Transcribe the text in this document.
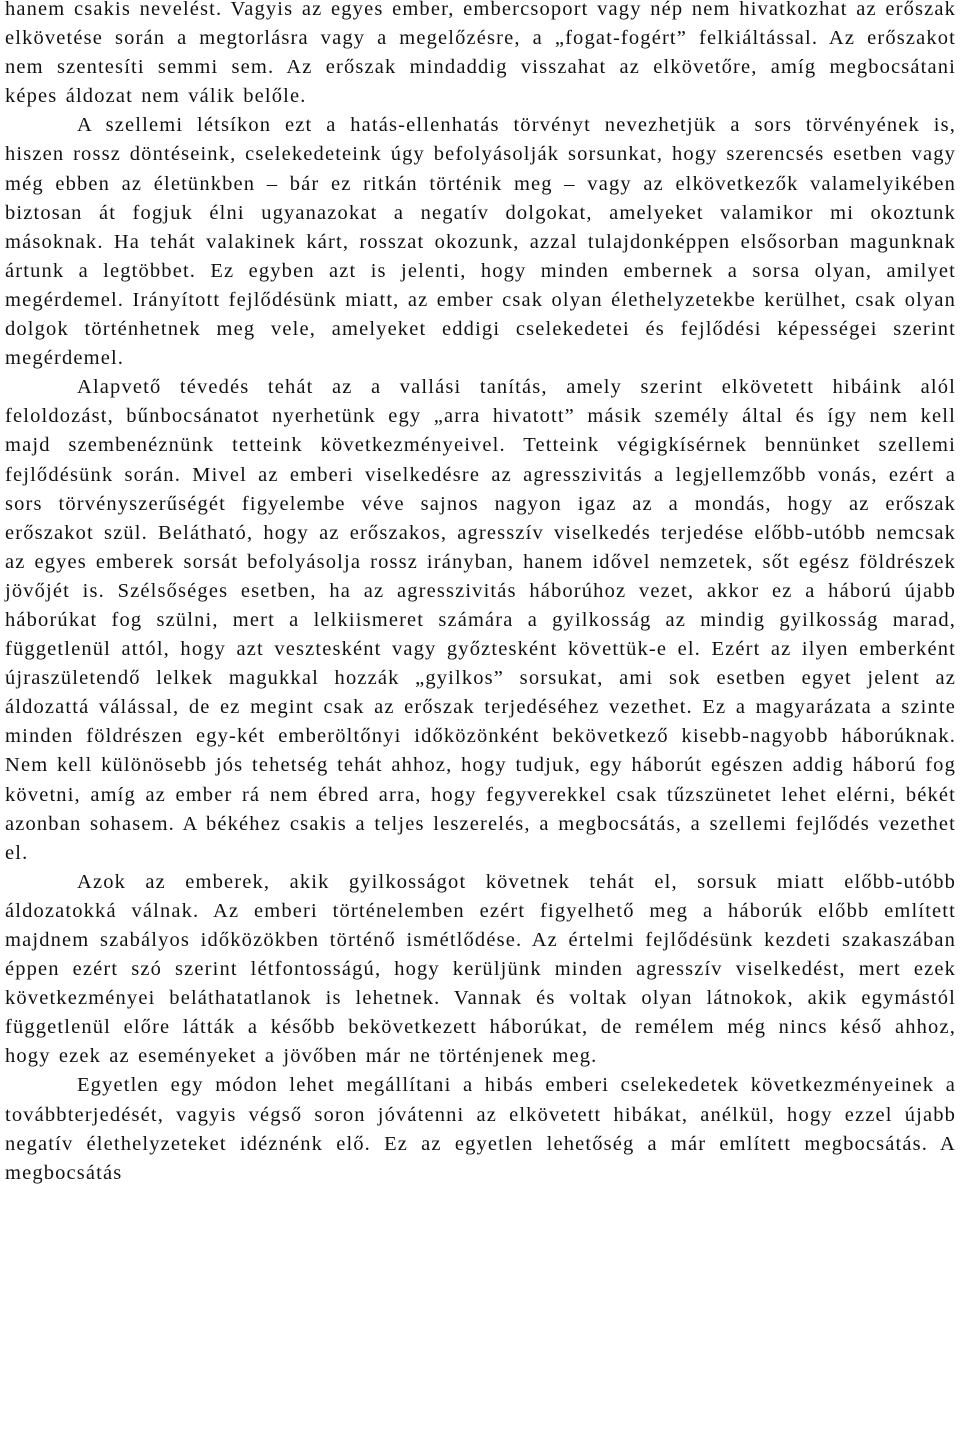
hanem csakis nevelést. Vagyis az egyes ember, embercsoport vagy nép nem hivatkozhat az erőszak elkövetése során a megtorlásra vagy a megelőzésre, a „fogat-fogért” felkiáltással. Az erőszakot nem szentesíti semmi sem. Az erőszak mindaddig visszahat az elkövetőre, amíg megbocsátani képes áldozat nem válik belőle.

A szellemi létsíkon ezt a hatás-ellenhatás törvényt nevezhetjük a sors törvényének is, hiszen rossz döntéseink, cselekedeteink úgy befolyásolják sorsunkat, hogy szerencsés esetben vagy még ebben az életünkben – bár ez ritkán történik meg – vagy az elkövetkezők valamelyikében biztosan át fogjuk élni ugyanazokat a negatív dolgokat, amelyeket valamikor mi okoztunk másoknak. Ha tehát valakinek kárt, rosszat okozunk, azzal tulajdonképpen elsősorban magunknak ártunk a legtöbbet. Ez egyben azt is jelenti, hogy minden embernek a sorsa olyan, amilyet megérdemel. Irányított fejlődésünk miatt, az ember csak olyan élethelyzetekbe kerülhet, csak olyan dolgok történhetnek meg vele, amelyeket eddigi cselekedetei és fejlődési képességei szerint megérdemel.

Alapvető tévedés tehát az a vallási tanítás, amely szerint elkövetett hibáink alól feloldozást, bűnbocsánatot nyerhetünk egy „arra hivatott” másik személy által és így nem kell majd szembenéznünk tetteink következményeivel. Tetteink végigkísérnek bennünket szellemi fejlődésünk során. Mivel az emberi viselkedésre az agresszivitás a legjellemzőbb vonás, ezért a sors törvényszerűségét figyelembe véve sajnos nagyon igaz az a mondás, hogy az erőszak erőszakot szül. Belátható, hogy az erőszakos, agresszív viselkedés terjedése előbb-utóbb nemcsak az egyes emberek sorsát befolyásolja rossz irányban, hanem idővel nemzetek, sőt egész földrészek jövőjét is. Szélsőséges esetben, ha az agresszivitás háborúhoz vezet, akkor ez a háború újabb háborúkat fog szülni, mert a lelkiismeret számára a gyilkosság az mindig gyilkosság marad, függetlenül attól, hogy azt vesztesként vagy győztesként követtük-e el. Ezért az ilyen emberként újraszületendő lelkek magukkal hozzák „gyilkos” sorsukat, ami sok esetben egyet jelent az áldozattá válással, de ez megint csak az erőszak terjedéséhez vezethet. Ez a magyarázata a szinte minden földrészen egy-két emberöltőnyi időközönként bekövetkező kisebb-nagyobb háborúknak. Nem kell különösebb jós tehetség tehát ahhoz, hogy tudjuk, egy háborút egészen addig háború fog követni, amíg az ember rá nem ébred arra, hogy fegyverekkel csak tűzszünetet lehet elérni, békét azonban sohasem. A békéhez csakis a teljes leszerelés, a megbocsátás, a szellemi fejlődés vezethet el.

Azok az emberek, akik gyilkosságot követnek tehát el, sorsuk miatt előbb-utóbb áldozatokká válnak. Az emberi történelemben ezért figyelhető meg a háborúk előbb említett majdnem szabályos időközökben történő ismétlődése. Az értelmi fejlődésünk kezdeti szakaszában éppen ezért szó szerint létfontosságú, hogy kerüljünk minden agresszív viselkedést, mert ezek következményei beláthatatlanok is lehetnek. Vannak és voltak olyan látnokok, akik egymástól függetlenül előre látták a később bekövetkezett háborúkat, de remélem még nincs késő ahhoz, hogy ezek az eseményeket a jövőben már ne történjenek meg.

Egyetlen egy módon lehet megállítani a hibás emberi cselekedetek következményeinek a továbbterjedését, vagyis végső soron jóvátenni az elkövetett hibákat, anélkül, hogy ezzel újabb negatív élethelyzeteket idéznénk elő. Ez az egyetlen lehetőség a már említett megbocsátás. A megbocsátás
